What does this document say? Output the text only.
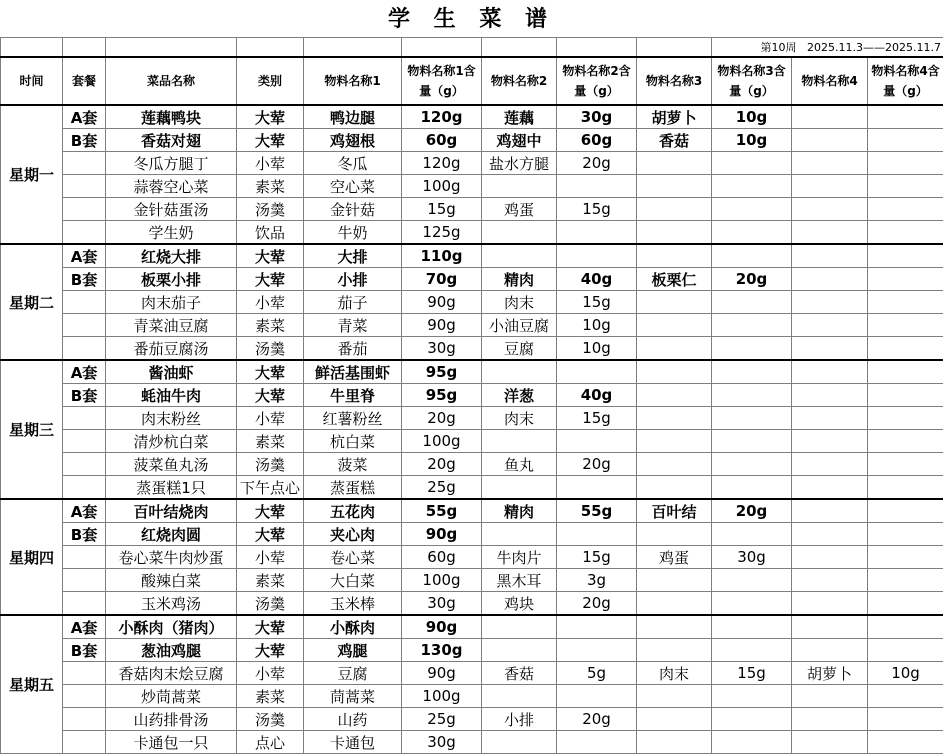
学 生 菜 谱
									第10周 2025.11.3——2025.11.7		
时间	套餐	菜品名称	类别	物料名称1	物料名称1含量（g）	物料名称2	物料名称2含量（g）	物料名称3	物料名称3含量（g）	物料名称4	物料名称4含量（g）
星期一	A套	莲藕鸭块	大荤	鸭边腿	120g	莲藕	30g	胡萝卜	10g		
	B套	香菇对翅	大荤	鸡翅根	60g	鸡翅中	60g	香菇	10g		
		冬瓜方腿丁	小荤	冬瓜	120g	盐水方腿	20g				
		蒜蓉空心菜	素菜	空心菜	100g						
		金针菇蛋汤	汤羹	金针菇	15g	鸡蛋	15g				
		学生奶	饮品	牛奶	125g						
星期二	A套	红烧大排	大荤	大排	110g						
	B套	板栗小排	大荤	小排	70g	精肉	40g	板栗仁	20g		
		肉末茄子	小荤	茄子	90g	肉末	15g				
		青菜油豆腐	素菜	青菜	90g	小油豆腐	10g				
		番茄豆腐汤	汤羹	番茄	30g	豆腐	10g				
星期三	A套	酱油虾	大荤	鲜活基围虾	95g						
	B套	蚝油牛肉	大荤	牛里脊	95g	洋葱	40g				
		肉末粉丝	小荤	红薯粉丝	20g	肉末	15g				
		清炒杭白菜	素菜	杭白菜	100g						
		菠菜鱼丸汤	汤羹	菠菜	20g	鱼丸	20g				
		蒸蛋糕1只	下午点心	蒸蛋糕	25g						
星期四	A套	百叶结烧肉	大荤	五花肉	55g	精肉	55g	百叶结	20g		
	B套	红烧肉圆	大荤	夹心肉	90g						
		卷心菜牛肉炒蛋	小荤	卷心菜	60g	牛肉片	15g	鸡蛋	30g		
		酸辣白菜	素菜	大白菜	100g	黑木耳	3g				
		玉米鸡汤	汤羹	玉米棒	30g	鸡块	20g				
星期五	A套	小酥肉（猪肉）	大荤	小酥肉	90g						
	B套	葱油鸡腿	大荤	鸡腿	130g						
		香菇肉末烩豆腐	小荤	豆腐	90g	香菇	5g	肉末	15g	胡萝卜	10g
		炒茼蒿菜	素菜	茼蒿菜	100g						
		山药排骨汤	汤羹	山药	25g	小排	20g				
		卡通包一只	点心	卡通包	30g						
